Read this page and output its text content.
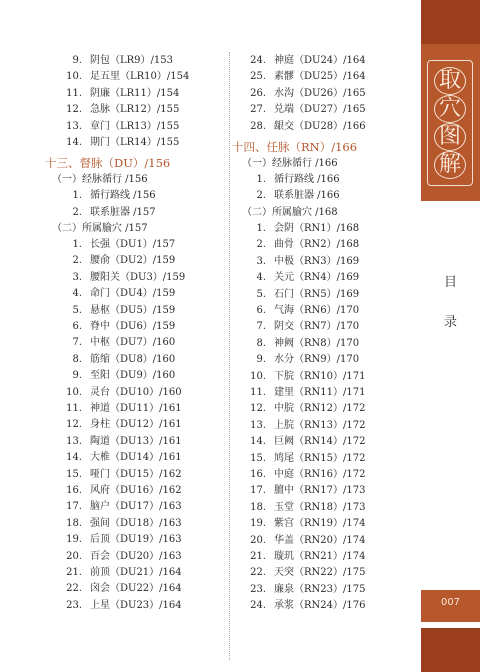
9. 阴包（LR9）/153
10. 足五里（LR10）/154
11. 阴廉（LR11）/154
12. 急脉（LR12）/155
13. 章门（LR13）/155
14. 期门（LR14）/155
十三、督脉（DU）/156
（一）经脉循行 /156
1. 循行路线 /156
2. 联系脏器 /157
（二）所属腧穴 /157
1. 长强（DU1）/157
2. 腰俞（DU2）/159
3. 腰阳关（DU3）/159
4. 命门（DU4）/159
5. 悬枢（DU5）/159
6. 脊中（DU6）/159
7. 中枢（DU7）/160
8. 筋缩（DU8）/160
9. 至阳（DU9）/160
10. 灵台（DU10）/160
11. 神道（DU11）/161
12. 身柱（DU12）/161
13. 陶道（DU13）/161
14. 大椎（DU14）/161
15. 哑门（DU15）/162
16. 风府（DU16）/162
17. 脑户（DU17）/163
18. 强间（DU18）/163
19. 后顶（DU19）/163
20. 百会（DU20）/163
21. 前顶（DU21）/164
22. 囟会（DU22）/164
23. 上星（DU23）/164
24. 神庭（DU24）/164
25. 素髎（DU25）/164
26. 水沟（DU26）/165
27. 兑端（DU27）/165
28. 龈交（DU28）/166
十四、任脉（RN）/166
（一）经脉循行 /166
1. 循行路线 /166
2. 联系脏器 /166
（二）所属腧穴 /168
1. 会阴（RN1）/168
2. 曲骨（RN2）/168
3. 中极（RN3）/169
4. 关元（RN4）/169
5. 石门（RN5）/169
6. 气海（RN6）/170
7. 阴交（RN7）/170
8. 神阙（RN8）/170
9. 水分（RN9）/170
10. 下脘（RN10）/171
11. 建里（RN11）/171
12. 中脘（RN12）/172
13. 上脘（RN13）/172
14. 巨阙（RN14）/172
15. 鸠尾（RN15）/172
16. 中庭（RN16）/172
17. 膻中（RN17）/173
18. 玉堂（RN18）/173
19. 紫宫（RN19）/174
20. 华盖（RN20）/174
21. 璇玑（RN21）/174
22. 天突（RN22）/175
23. 廉泉（RN23）/175
24. 承浆（RN24）/176
取
穴
图
解
目
录
007
